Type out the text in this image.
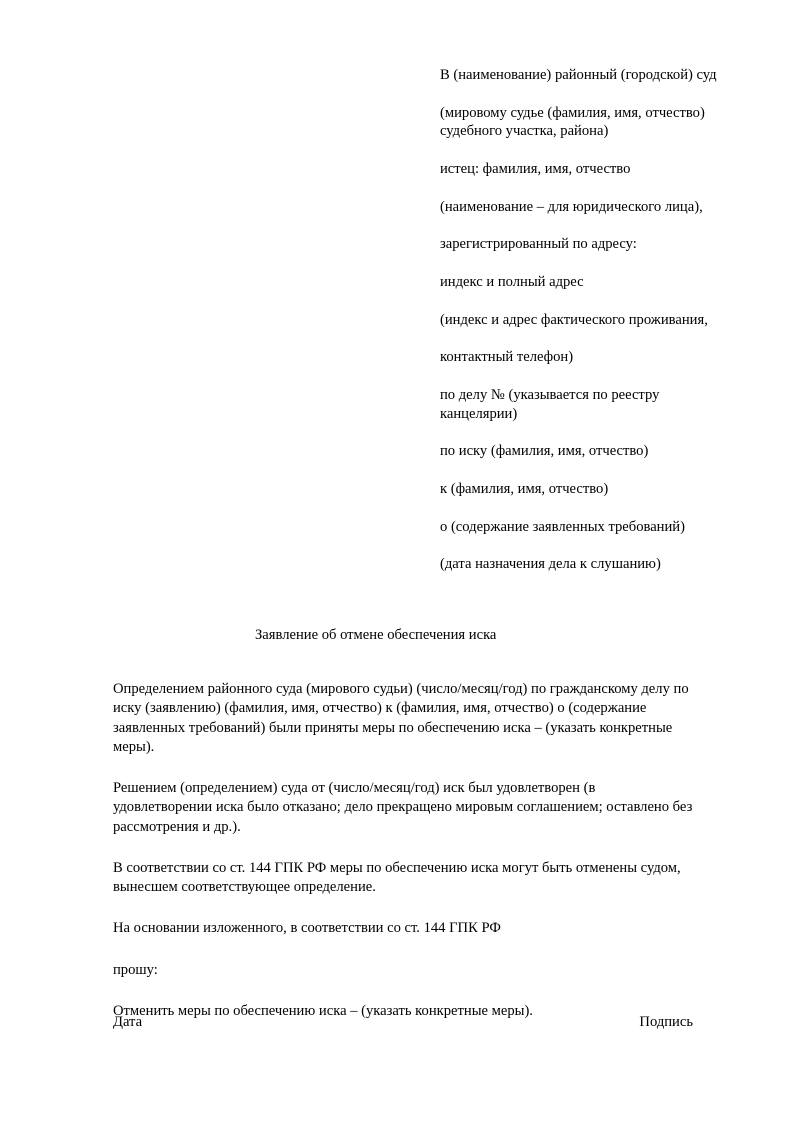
В (наименование) районный (городской) суд

(мировому судье (фамилия, имя, отчество) судебного участка, района)

истец: фамилия, имя, отчество

(наименование – для юридического лица),

зарегистрированный по адресу:

индекс и полный адрес

(индекс и адрес фактического проживания,

контактный телефон)

по делу № (указывается по реестру канцелярии)

по иску (фамилия, имя, отчество)

к (фамилия, имя, отчество)

о (содержание заявленных требований)

(дата назначения дела к слушанию)

Заявление об отмене обеспечения иска

Определением районного суда (мирового судьи) (число/месяц/год) по гражданскому делу по иску (заявлению) (фамилия, имя, отчество) к (фамилия, имя, отчество) о (содержание заявленных требований) были приняты меры по обеспечению иска – (указать конкретные меры).

Решением (определением) суда от (число/месяц/год) иск был удовлетворен (в удовлетворении иска было отказано; дело прекращено мировым соглашением; оставлено без рассмотрения и др.).

В соответствии со ст. 144 ГПК РФ меры по обеспечению иска могут быть отменены судом, вынесшем соответствующее определение.

На основании изложенного, в соответствии со ст. 144 ГПК РФ

прошу:

Отменить меры по обеспечению иска – (указать конкретные меры).

Дата	Подпись
